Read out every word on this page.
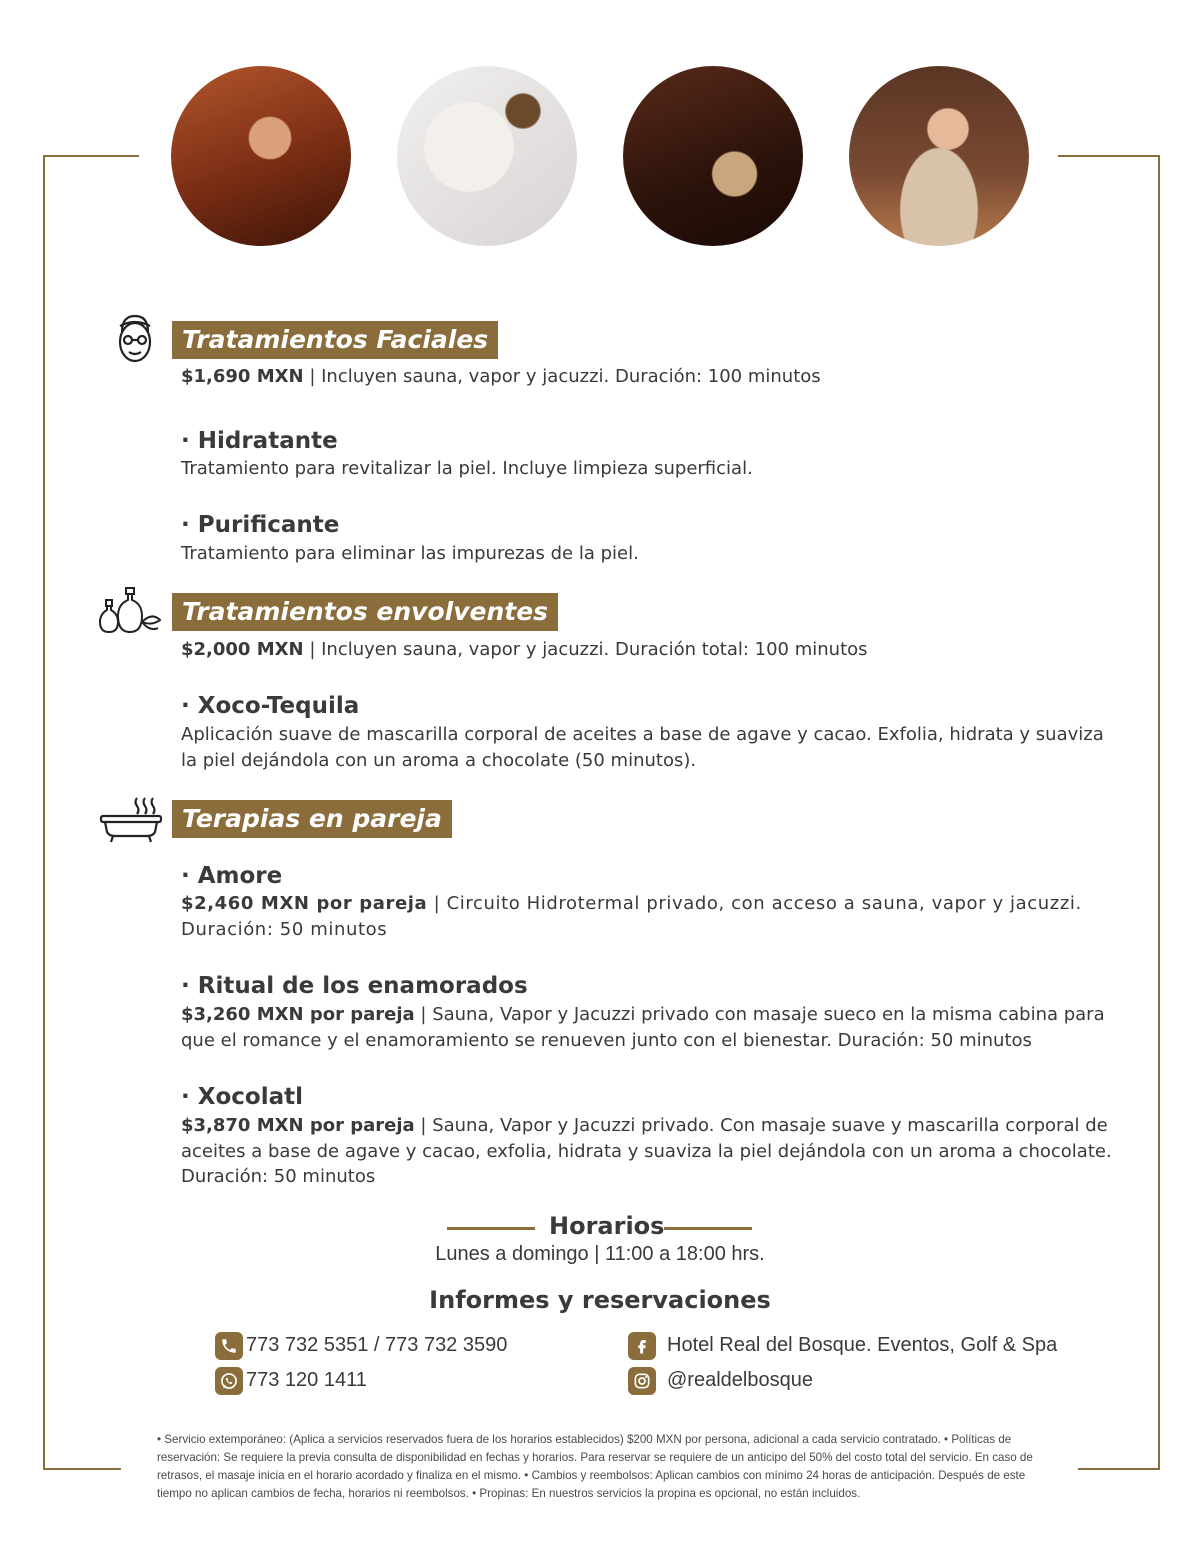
Tratamientos Faciales
$1,690 MXN | Incluyen sauna, vapor y jacuzzi. Duración: 100 minutos
· Hidratante
Tratamiento para revitalizar la piel. Incluye limpieza superficial.
· Purificante
Tratamiento para eliminar las impurezas de la piel.
Tratamientos envolventes
$2,000 MXN | Incluyen sauna, vapor y jacuzzi. Duración total: 100 minutos
· Xoco-Tequila
Aplicación suave de mascarilla corporal de aceites a base de agave y cacao. Exfolia, hidrata y suaviza
la piel dejándola con un aroma a chocolate (50 minutos).
Terapias en pareja
· Amore
$2,460 MXN por pareja | Circuito Hidrotermal privado, con acceso a sauna, vapor y jacuzzi.
Duración: 50 minutos
· Ritual de los enamorados
$3,260 MXN por pareja | Sauna, Vapor y Jacuzzi privado con masaje sueco en la misma cabina para
que el romance y el enamoramiento se renueven junto con el bienestar. Duración: 50 minutos
· Xocolatl
$3,870 MXN por pareja | Sauna, Vapor y Jacuzzi privado. Con masaje suave y mascarilla corporal de
aceites a base de agave y cacao, exfolia, hidrata y suaviza la piel dejándola con un aroma a chocolate.
Duración: 50 minutos
Horarios
Lunes a domingo | 11:00 a 18:00 hrs.
Informes y reservaciones
773 732 5351 / 773 732 3590
773 120 1411
Hotel Real del Bosque. Eventos, Golf & Spa
@realdelbosque
• Servicio extemporáneo: (Aplica a servicios reservados fuera de los horarios establecidos) $200 MXN por persona, adicional a cada servicio contratado. • Políticas de reservación: Se requiere la previa consulta de disponibilidad en fechas y horarios. Para reservar se requiere de un anticipo del 50% del costo total del servicio. En caso de retrasos, el masaje inicia en el horario acordado y finaliza en el mismo. • Cambios y reembolsos: Aplican cambios con mínimo 24 horas de anticipación. Después de este tiempo no aplican cambios de fecha, horarios ni reembolsos. • Propinas: En nuestros servicios la propina es opcional, no están incluidos.
